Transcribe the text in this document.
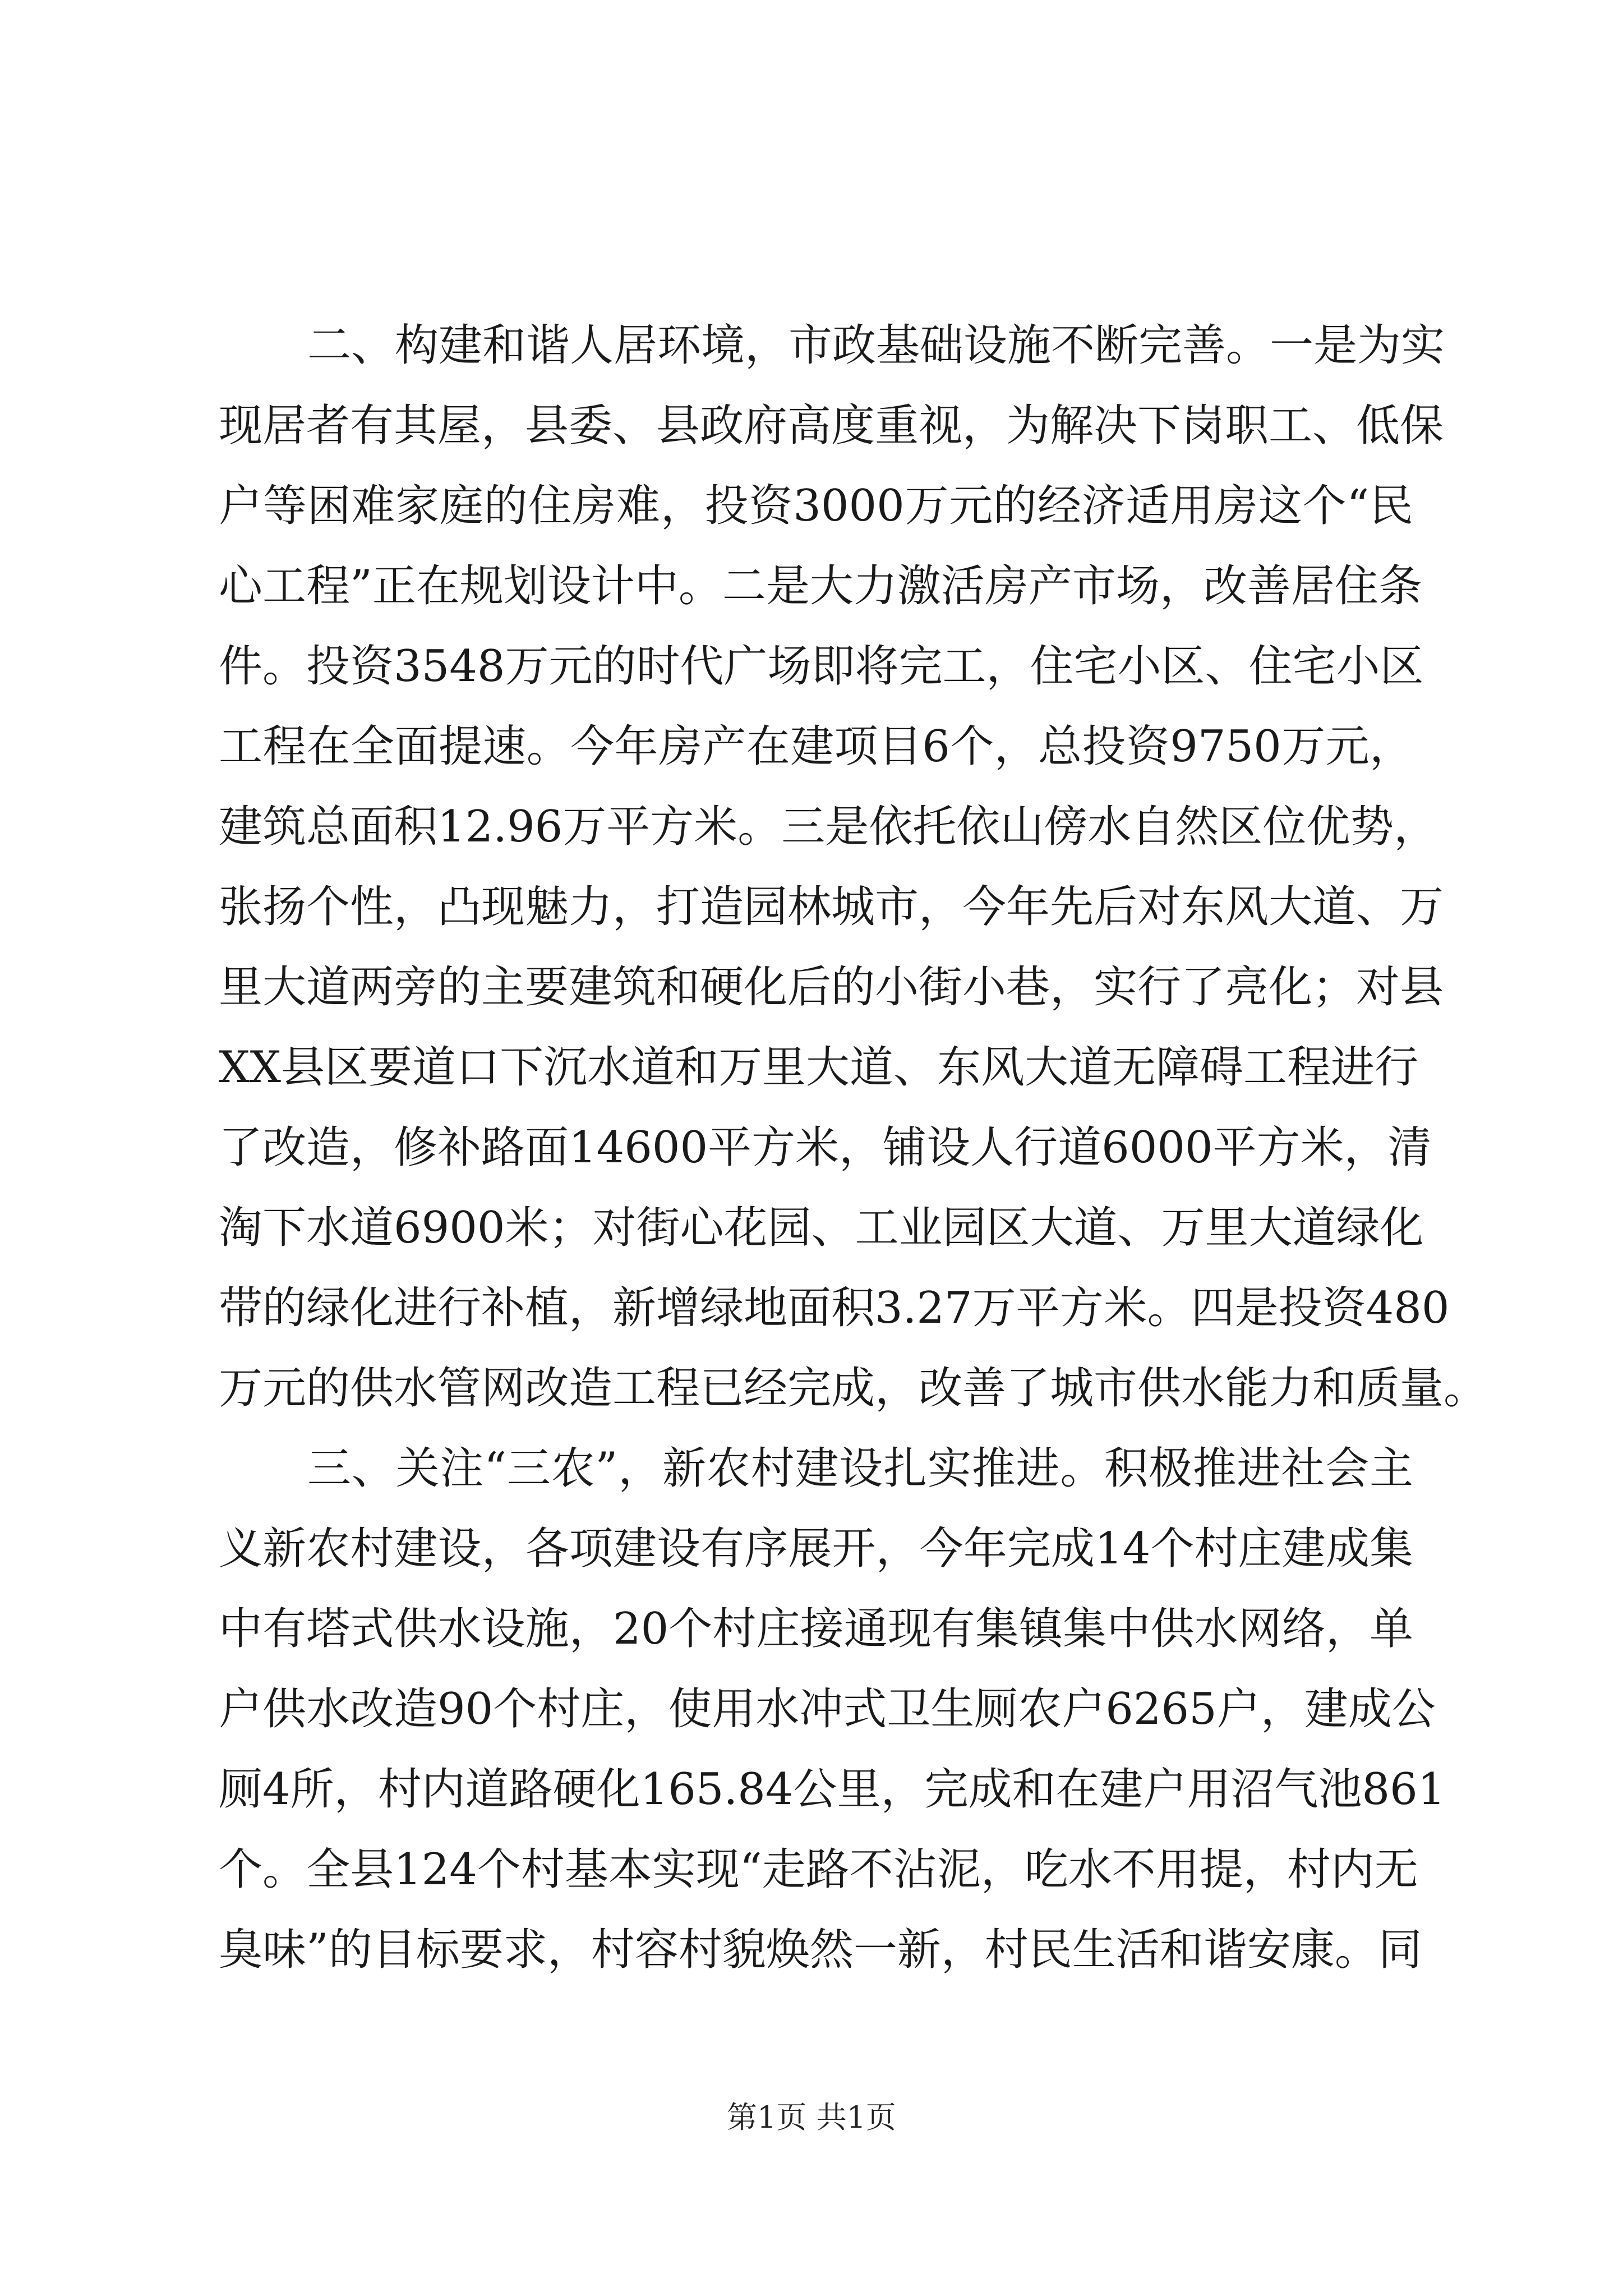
二、构建和谐人居环境，市政基础设施不断完善。一是为实
现居者有其屋，县委、县政府高度重视，为解决下岗职工、低保
户等困难家庭的住房难，投资3000万元的经济适用房这个“民
心工程”正在规划设计中。二是大力激活房产市场，改善居住条
件。投资3548万元的时代广场即将完工，住宅小区、住宅小区
工程在全面提速。今年房产在建项目6个，总投资9750万元，
建筑总面积12.96万平方米。三是依托依山傍水自然区位优势，
张扬个性，凸现魅力，打造园林城市，今年先后对东风大道、万
里大道两旁的主要建筑和硬化后的小街小巷，实行了亮化；对县
XX县区要道口下沉水道和万里大道、东风大道无障碍工程进行
了改造，修补路面14600平方米，铺设人行道6000平方米，清
淘下水道6900米；对街心花园、工业园区大道、万里大道绿化
带的绿化进行补植，新增绿地面积3.27万平方米。四是投资480
万元的供水管网改造工程已经完成，改善了城市供水能力和质量。
三、关注“三农”，新农村建设扎实推进。积极推进社会主
义新农村建设，各项建设有序展开，今年完成14个村庄建成集
中有塔式供水设施，20个村庄接通现有集镇集中供水网络，单
户供水改造90个村庄，使用水冲式卫生厕农户6265户，建成公
厕4所，村内道路硬化165.84公里，完成和在建户用沼气池861
个。全县124个村基本实现“走路不沾泥，吃水不用提，村内无
臭味”的目标要求，村容村貌焕然一新，村民生活和谐安康。同
第1页 共1页
